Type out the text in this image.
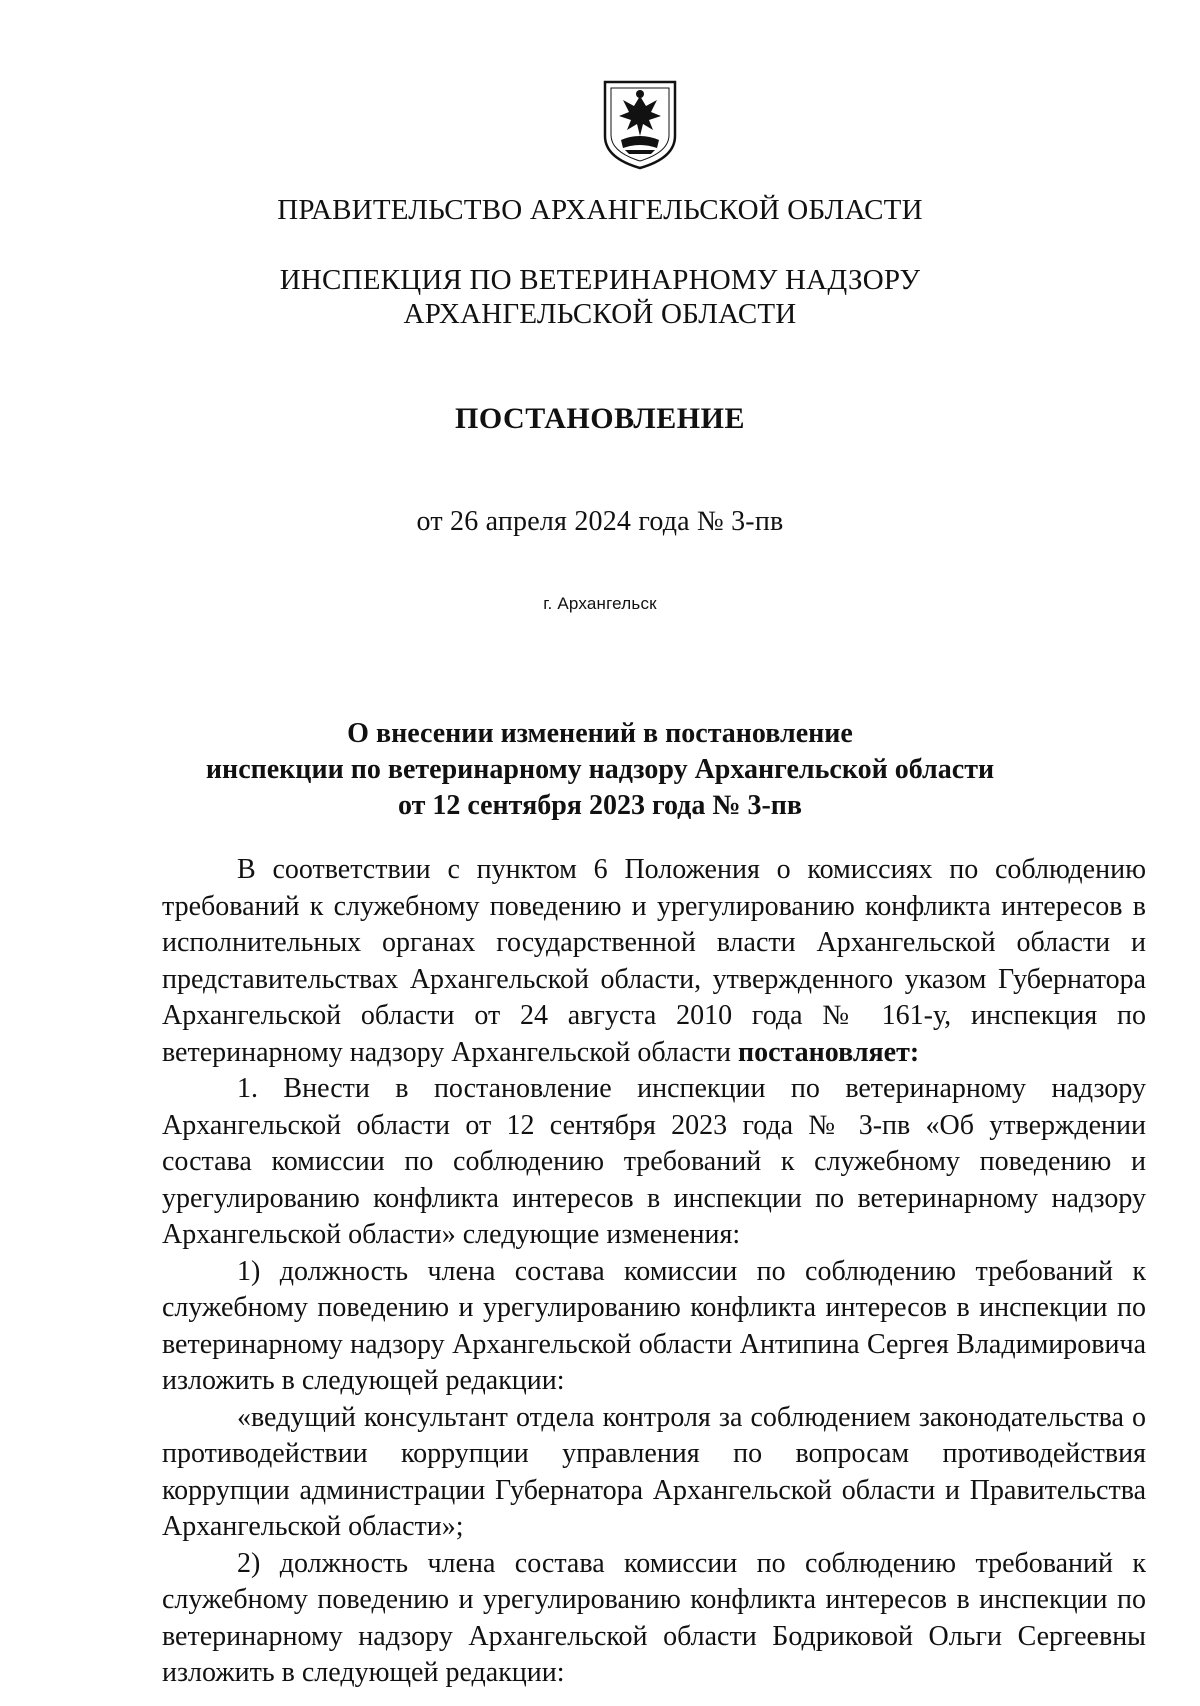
ПРАВИТЕЛЬСТВО АРХАНГЕЛЬСКОЙ ОБЛАСТИ
ИНСПЕКЦИЯ ПО ВЕТЕРИНАРНОМУ НАДЗОРУ
АРХАНГЕЛЬСКОЙ ОБЛАСТИ
ПОСТАНОВЛЕНИЕ
от 26 апреля 2024 года № 3-пв
г. Архангельск
О внесении изменений в постановление
инспекции по ветеринарному надзору Архангельской области
от 12 сентября 2023 года № 3-пв

В соответствии с пунктом 6 Положения о комиссиях по соблюдению требований к служебному поведению и урегулированию конфликта интересов в исполнительных органах государственной власти Архангельской области и представительствах Архангельской области, утвержденного указом Губернатора Архангельской области от 24 августа 2010 года № 161-у, инспекция по ветеринарному надзору Архангельской области постановляет:

1. Внести в постановление инспекции по ветеринарному надзору Архангельской области от 12 сентября 2023 года № 3-пв «Об утверждении состава комиссии по соблюдению требований к служебному поведению и урегулированию конфликта интересов в инспекции по ветеринарному надзору Архангельской области» следующие изменения:

1) должность члена состава комиссии по соблюдению требований к служебному поведению и урегулированию конфликта интересов в инспекции по ветеринарному надзору Архангельской области Антипина Сергея Владимировича изложить в следующей редакции:

«ведущий консультант отдела контроля за соблюдением законодательства о противодействии коррупции управления по вопросам противодействия коррупции администрации Губернатора Архангельской области и Правительства Архангельской области»;

2) должность члена состава комиссии по соблюдению требований к служебному поведению и урегулированию конфликта интересов в инспекции по ветеринарному надзору Архангельской области Бодриковой Ольги Сергеевны изложить в следующей редакции:
